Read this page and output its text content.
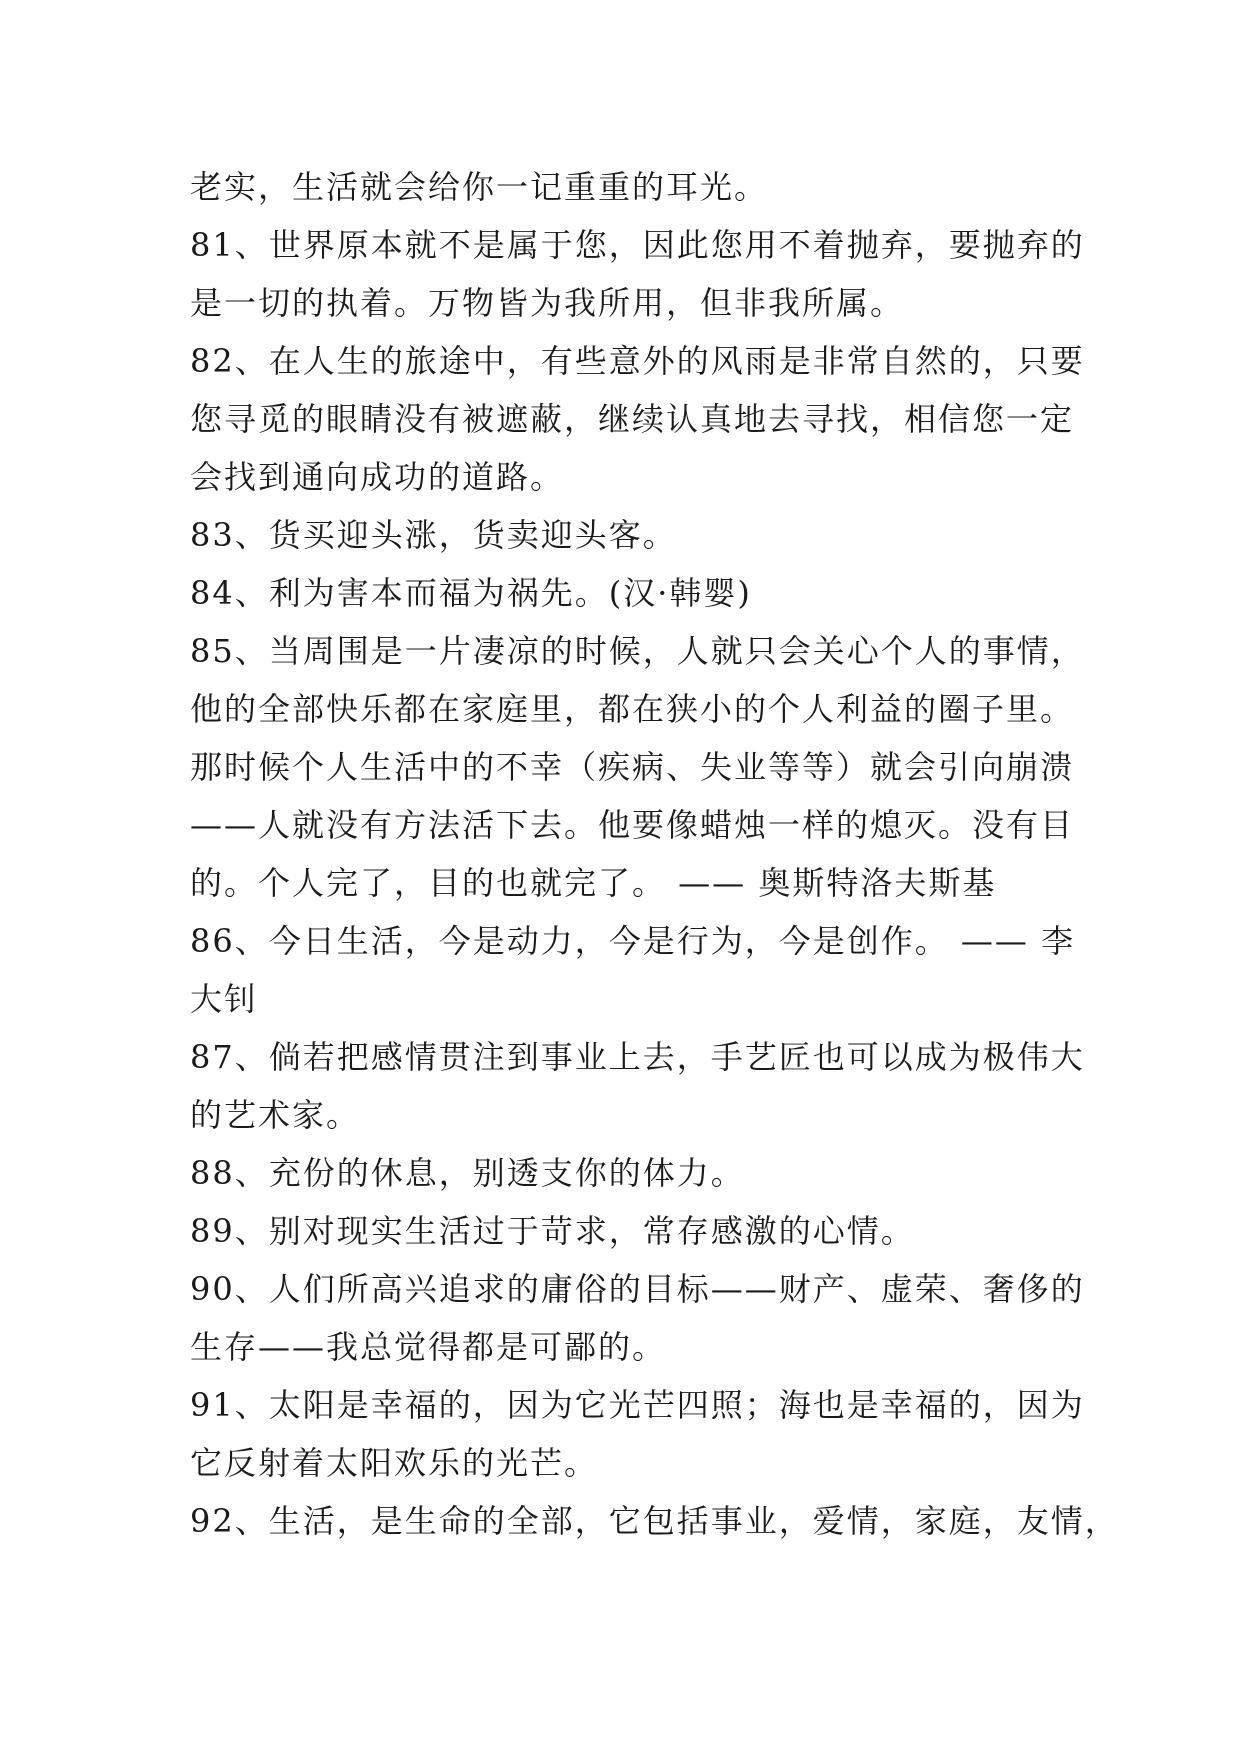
老实，生活就会给你一记重重的耳光。
81、世界原本就不是属于您，因此您用不着抛弃，要抛弃的
是一切的执着。万物皆为我所用，但非我所属。
82、在人生的旅途中，有些意外的风雨是非常自然的，只要
您寻觅的眼睛没有被遮蔽，继续认真地去寻找，相信您一定
会找到通向成功的道路。
83、货买迎头涨，货卖迎头客。
84、利为害本而福为祸先。(汉·韩婴)
85、当周围是一片凄凉的时候，人就只会关心个人的事情，
他的全部快乐都在家庭里，都在狭小的个人利益的圈子里。
那时候个人生活中的不幸（疾病、失业等等）就会引向崩溃
——人就没有方法活下去。他要像蜡烛一样的熄灭。没有目
的。个人完了，目的也就完了。 —— 奥斯特洛夫斯基
86、今日生活，今是动力，今是行为，今是创作。 —— 李
大钊
87、倘若把感情贯注到事业上去，手艺匠也可以成为极伟大
的艺术家。
88、充份的休息，别透支你的体力。
89、别对现实生活过于苛求，常存感激的心情。
90、人们所高兴追求的庸俗的目标——财产、虚荣、奢侈的
生存——我总觉得都是可鄙的。
91、太阳是幸福的，因为它光芒四照；海也是幸福的，因为
它反射着太阳欢乐的光芒。
92、生活，是生命的全部，它包括事业，爱情，家庭，友情，
